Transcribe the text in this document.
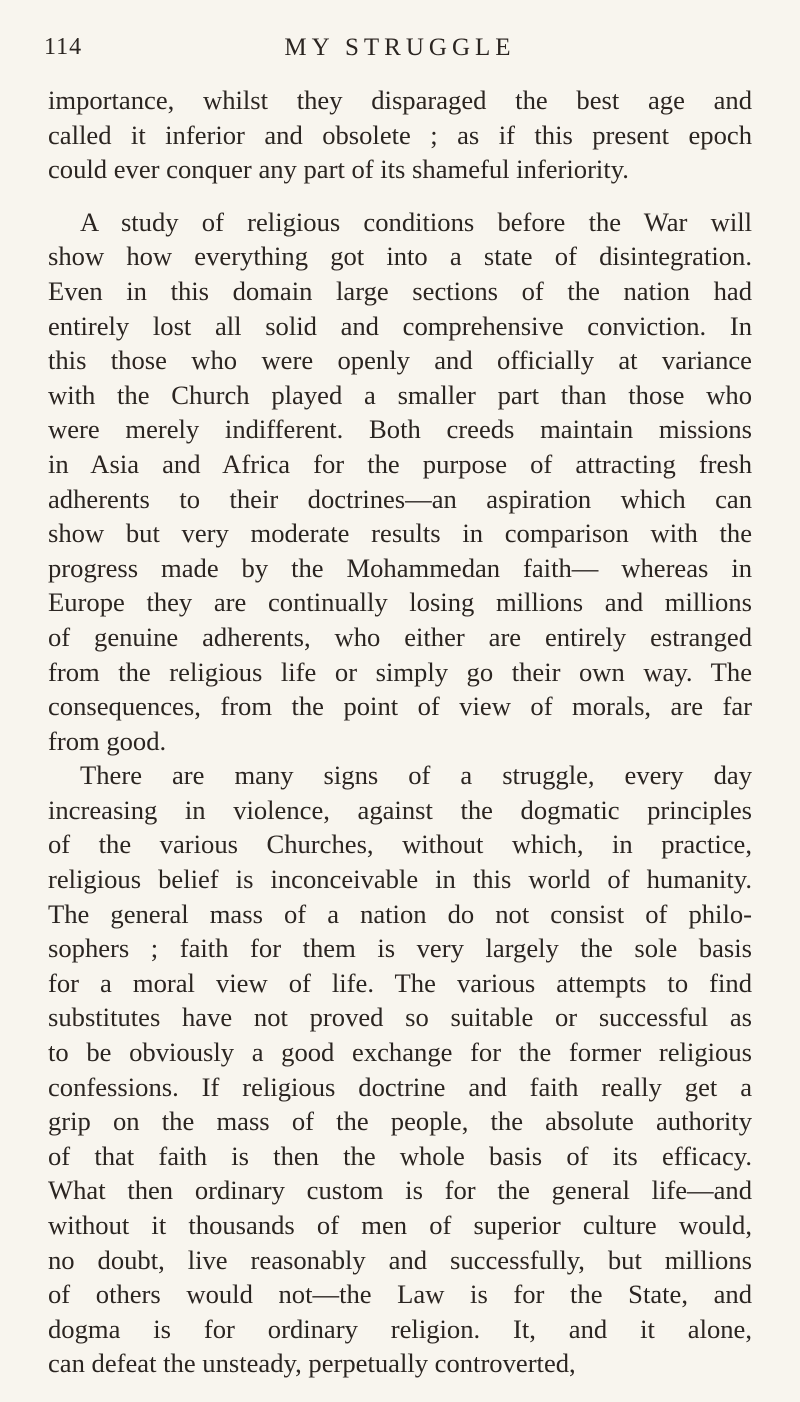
114	MY STRUGGLE
importance, whilst they disparaged the best age and
called it inferior and obsolete ; as if this present epoch
could ever conquer any part of its shameful inferiority.
A study of religious conditions before the War will
show how everything got into a state of disintegration.
Even in this domain large sections of the nation had
entirely lost all solid and comprehensive conviction. In
this those who were openly and officially at variance
with the Church played a smaller part than those who
were merely indifferent. Both creeds maintain missions
in Asia and Africa for the purpose of attracting fresh
adherents to their doctrines—an aspiration which can
show but very moderate results in comparison with the
progress made by the Mohammedan faith— whereas in
Europe they are continually losing millions and millions
of genuine adherents, who either are entirely estranged
from the religious life or simply go their own way. The
consequences, from the point of view of morals, are far
from good.
There are many signs of a struggle, every day
increasing in violence, against the dogmatic principles
of the various Churches, without which, in practice,
religious belief is inconceivable in this world of humanity.
The general mass of a nation do not consist of philo-
sophers ; faith for them is very largely the sole basis
for a moral view of life. The various attempts to find
substitutes have not proved so suitable or successful as
to be obviously a good exchange for the former religious
confessions. If religious doctrine and faith really get a
grip on the mass of the people, the absolute authority
of that faith is then the whole basis of its efficacy.
What then ordinary custom is for the general life—and
without it thousands of men of superior culture would,
no doubt, live reasonably and successfully, but millions
of others would not—the Law is for the State, and
dogma is for ordinary religion. It, and it alone,
can defeat the unsteady, perpetually controverted,
